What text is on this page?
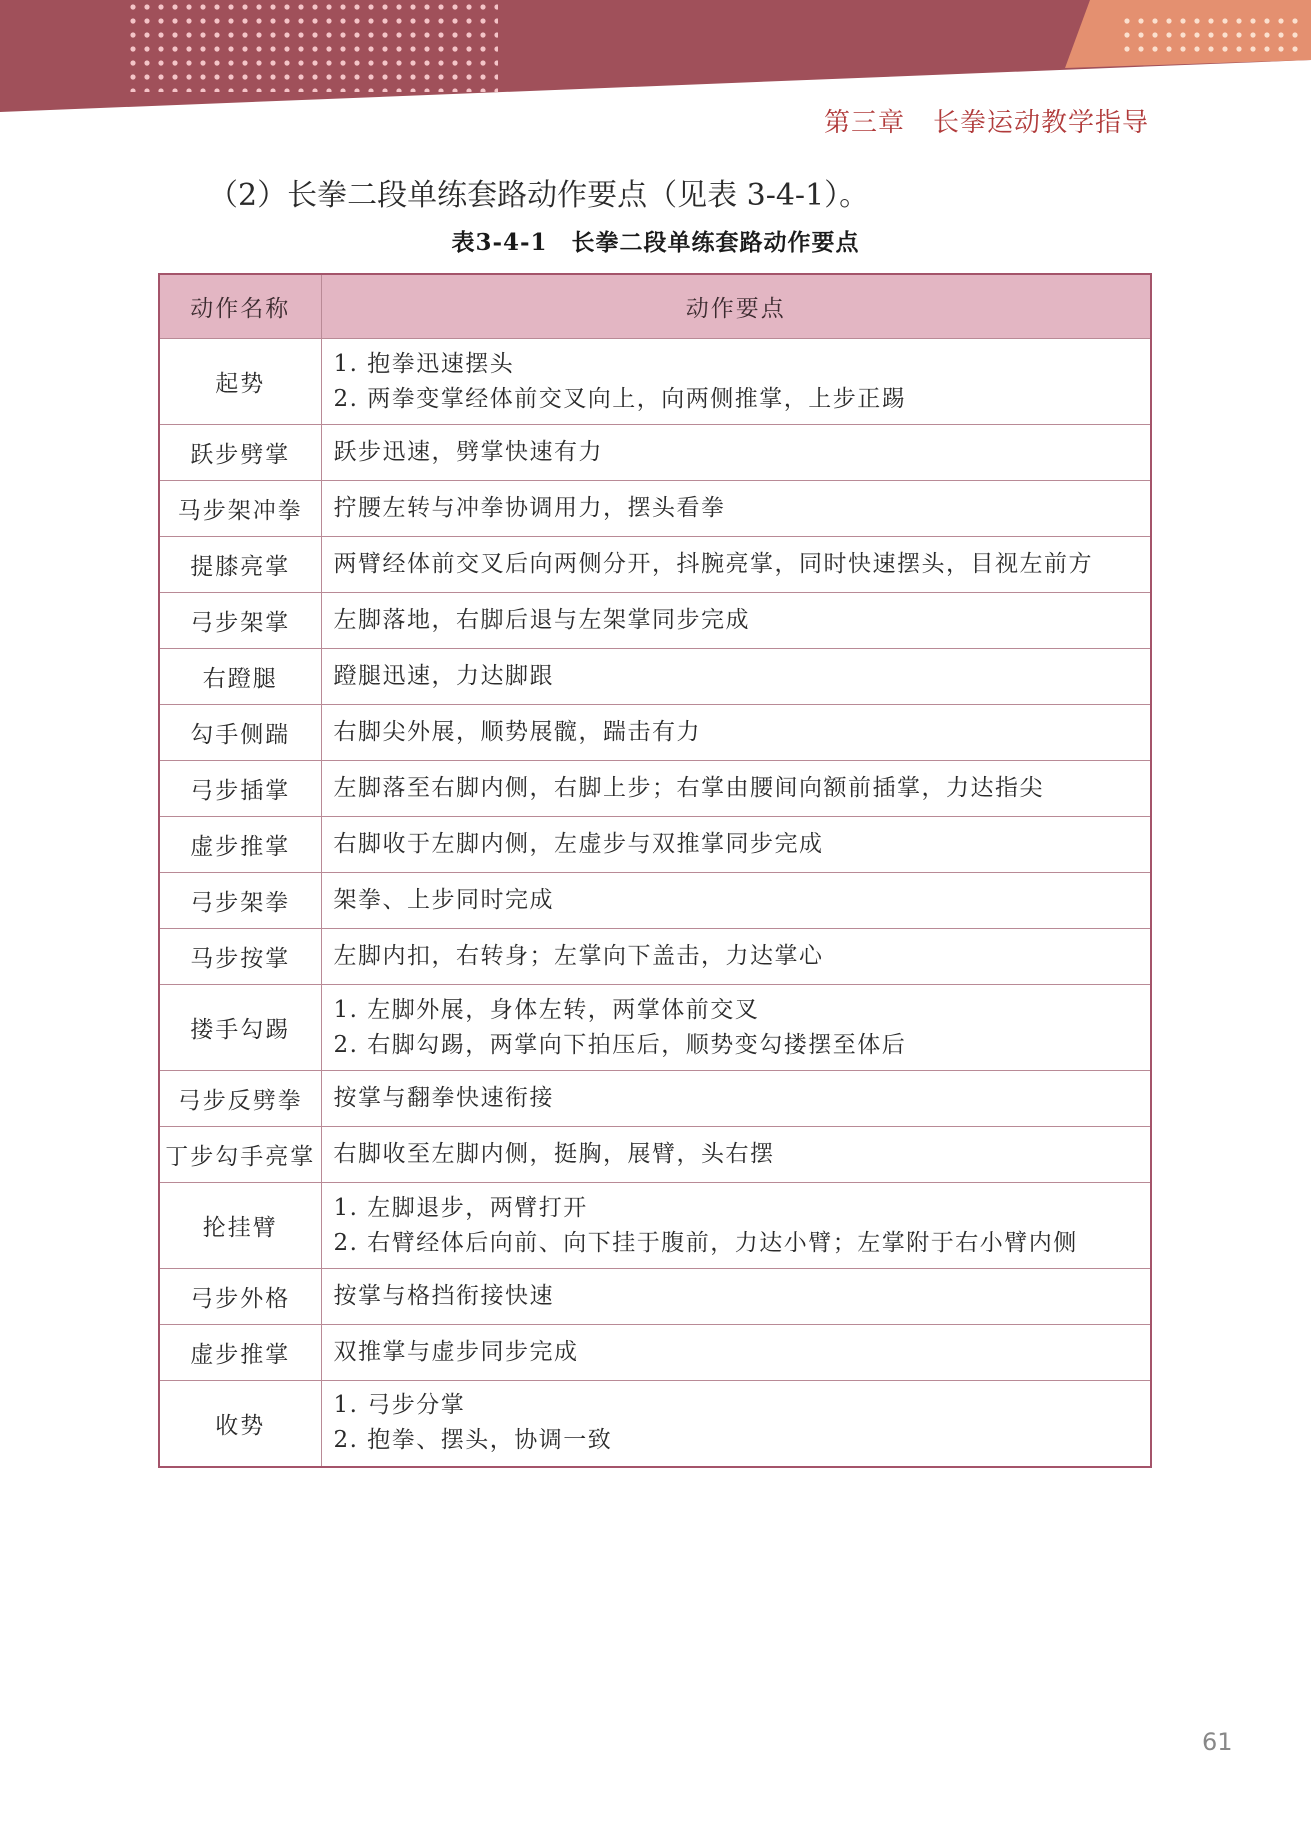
第三章 长拳运动教学指导
（2）长拳二段单练套路动作要点（见表 3-4-1）。
表3-4-1　长拳二段单练套路动作要点
动作名称	动作要点
起势	1. 抱拳迅速摆头
2. 两拳变掌经体前交叉向上，向两侧推掌，上步正踢

跃步劈掌	跃步迅速，劈掌快速有力

马步架冲拳	拧腰左转与冲拳协调用力，摆头看拳

提膝亮掌	两臂经体前交叉后向两侧分开，抖腕亮掌，同时快速摆头，目视左前方

弓步架掌	左脚落地，右脚后退与左架掌同步完成

右蹬腿	蹬腿迅速，力达脚跟

勾手侧踹	右脚尖外展，顺势展髋，踹击有力

弓步插掌	左脚落至右脚内侧，右脚上步；右掌由腰间向额前插掌，力达指尖

虚步推掌	右脚收于左脚内侧，左虚步与双推掌同步完成

弓步架拳	架拳、上步同时完成

马步按掌	左脚内扣，右转身；左掌向下盖击，力达掌心

搂手勾踢	1. 左脚外展，身体左转，两掌体前交叉
2. 右脚勾踢，两掌向下拍压后，顺势变勾搂摆至体后

弓步反劈拳	按掌与翻拳快速衔接

丁步勾手亮掌	右脚收至左脚内侧，挺胸，展臂，头右摆

抡挂臂	1. 左脚退步，两臂打开
2. 右臂经体后向前、向下挂于腹前，力达小臂；左掌附于右小臂内侧

弓步外格	按掌与格挡衔接快速

虚步推掌	双推掌与虚步同步完成

收势	1. 弓步分掌
2. 抱拳、摆头，协调一致
61
